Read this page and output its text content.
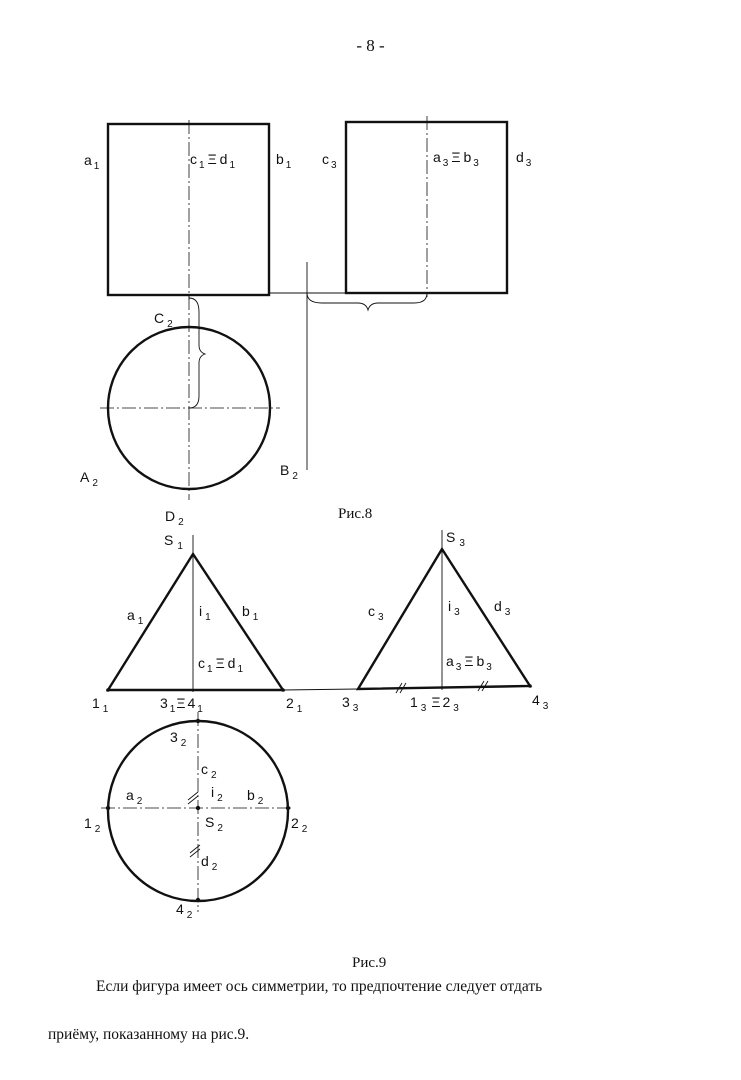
- 8 -
a $_1$	c $_1$ Ξ d $_1$	b $_1$ c $_3$
a $_3$ Ξ b $_3$	d $_3$
C $_2$
A $_2$
B $_2$
D $_2$
S $_1$
S $_3$
a $_1$
i $_1$ b $_1$
c $_1$ Ξ d $_1$
c $_3$
i $_3$ d $_3$
a $_3$ Ξ b $_3$
1 $_1$	3 $_1$Ξ 4 $_1$	2 $_1$	3 $_3$	1 $_3$ Ξ 2 $_3$
4 $_3$
3 $_2$
c $_2$
a $_2$
i $_2$ b $_2$
1 $_2$	S $_2$	2 $_2$
d $_2$
4 $_2$
Рис.8
Рис.9
Если фигура имеет ось симметрии, то предпочтение следует отдать
приёму, показанному на рис.9.
